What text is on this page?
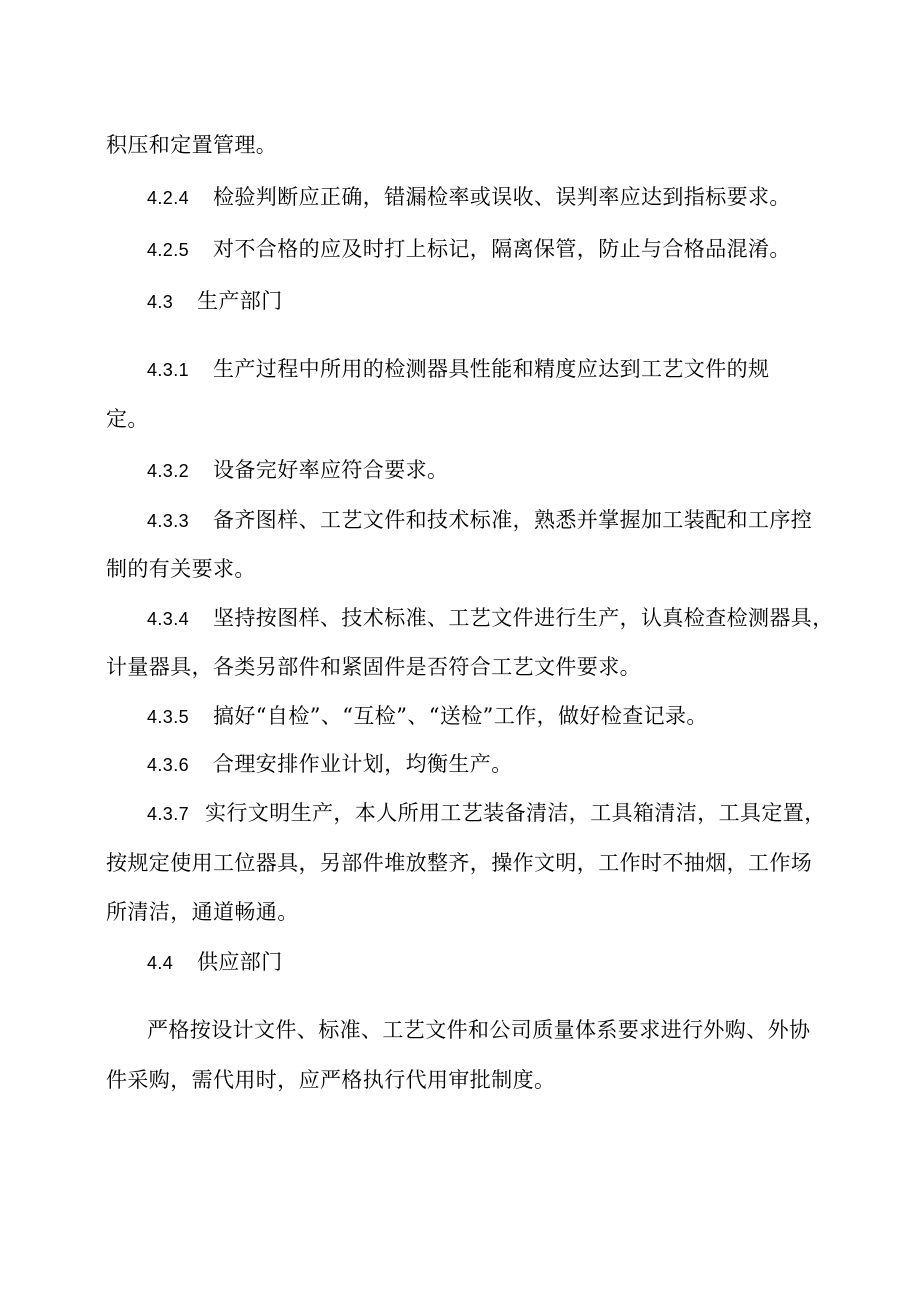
积压和定置管理。
4.2.4 检验判断应正确，错漏检率或误收、误判率应达到指标要求。
4.2.5 对不合格的应及时打上标记，隔离保管，防止与合格品混淆。
4.3 生产部门
4.3.1 生产过程中所用的检测器具性能和精度应达到工艺文件的规
定。
4.3.2 设备完好率应符合要求。
4.3.3 备齐图样、工艺文件和技术标准，熟悉并掌握加工装配和工序控
制的有关要求。
4.3.4 坚持按图样、技术标准、工艺文件进行生产，认真检查检测器具，
计量器具，各类另部件和紧固件是否符合工艺文件要求。
4.3.5 搞好“自检”、“互检”、“送检”工作，做好检查记录。
4.3.6 合理安排作业计划，均衡生产。
4.3.7 实行文明生产，本人所用工艺装备清洁，工具箱清洁，工具定置，
按规定使用工位器具，另部件堆放整齐，操作文明，工作时不抽烟，工作场
所清洁，通道畅通。
4.4 供应部门
严格按设计文件、标准、工艺文件和公司质量体系要求进行外购、外协
件采购，需代用时，应严格执行代用审批制度。
